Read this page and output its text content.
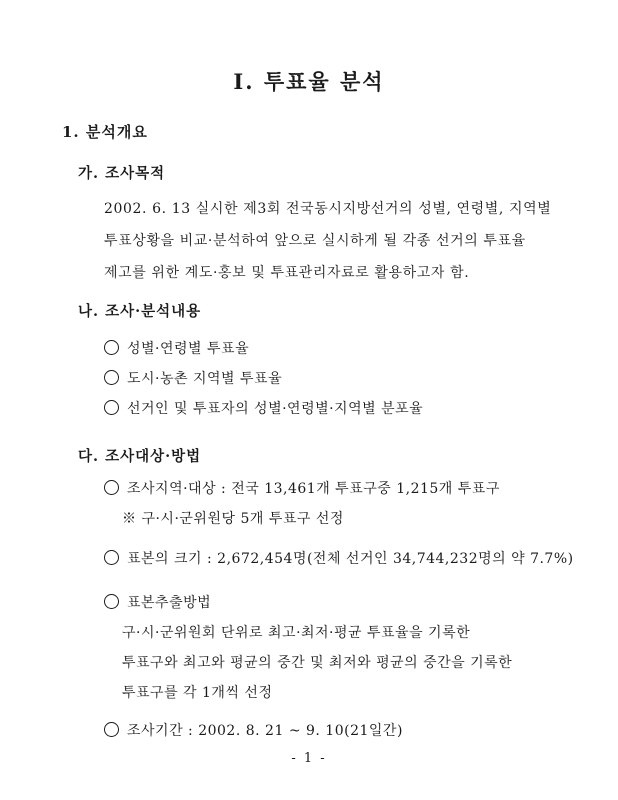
Ⅰ. 투표율 분석
1. 분석개요
가. 조사목적
2002. 6. 13 실시한 제3회 전국동시지방선거의 성별, 연령별, 지역별
투표상황을 비교·분석하여 앞으로 실시하게 될 각종 선거의 투표율
제고를 위한 계도·홍보 및 투표관리자료로 활용하고자 함.
나. 조사·분석내용
성별·연령별 투표율
도시·농촌 지역별 투표율
선거인 및 투표자의 성별·연령별·지역별 분포율
다. 조사대상·방법
조사지역·대상 : 전국 13,461개 투표구중 1,215개 투표구
※ 구·시·군위원당 5개 투표구 선정
표본의 크기 : 2,672,454명(전체 선거인 34,744,232명의 약 7.7%)
표본추출방법
구·시·군위원회 단위로 최고·최저·평균 투표율을 기록한
투표구와 최고와 평균의 중간 및 최저와 평균의 중간을 기록한
투표구를 각 1개씩 선정
조사기간 : 2002. 8. 21 ~ 9. 10(21일간)
- 1 -
